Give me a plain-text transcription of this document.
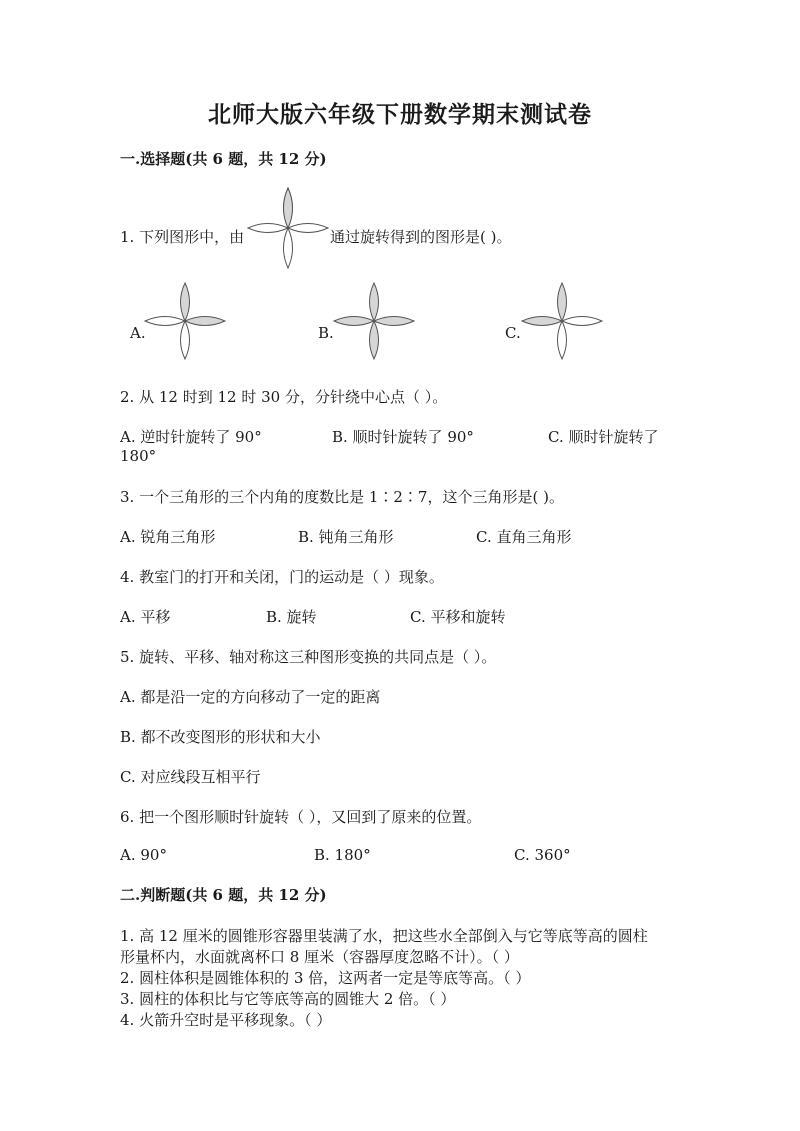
北师大版六年级下册数学期末测试卷
一.选择题(共 6 题，共 12 分)
1. 下列图形中，由	通过旋转得到的图形是( )。
A.	B.	C.
2. 从 12 时到 12 时 30 分，分针绕中心点（ ）。
A. 逆时针旋转了 90°	B. 顺时针旋转了 90°	C. 顺时针旋转了
180°
3. 一个三角形的三个内角的度数比是 1∶2∶7，这个三角形是( )。
A. 锐角三角形	B. 钝角三角形	C. 直角三角形
4. 教室门的打开和关闭，门的运动是（ ）现象。
A. 平移	B. 旋转	C. 平移和旋转
5. 旋转、平移、轴对称这三种图形变换的共同点是（ ）。
A. 都是沿一定的方向移动了一定的距离
B. 都不改变图形的形状和大小
C. 对应线段互相平行
6. 把一个图形顺时针旋转（ ），又回到了原来的位置。
A. 90°	B. 180°	C. 360°
二.判断题(共 6 题，共 12 分)
1. 高 12 厘米的圆锥形容器里装满了水，把这些水全部倒入与它等底等高的圆柱
形量杯内，水面就离杯口 8 厘米（容器厚度忽略不计）。（ ）
2. 圆柱体积是圆锥体积的 3 倍，这两者一定是等底等高。（ ）
3. 圆柱的体积比与它等底等高的圆锥大 2 倍。（ ）
4. 火箭升空时是平移现象。（ ）
